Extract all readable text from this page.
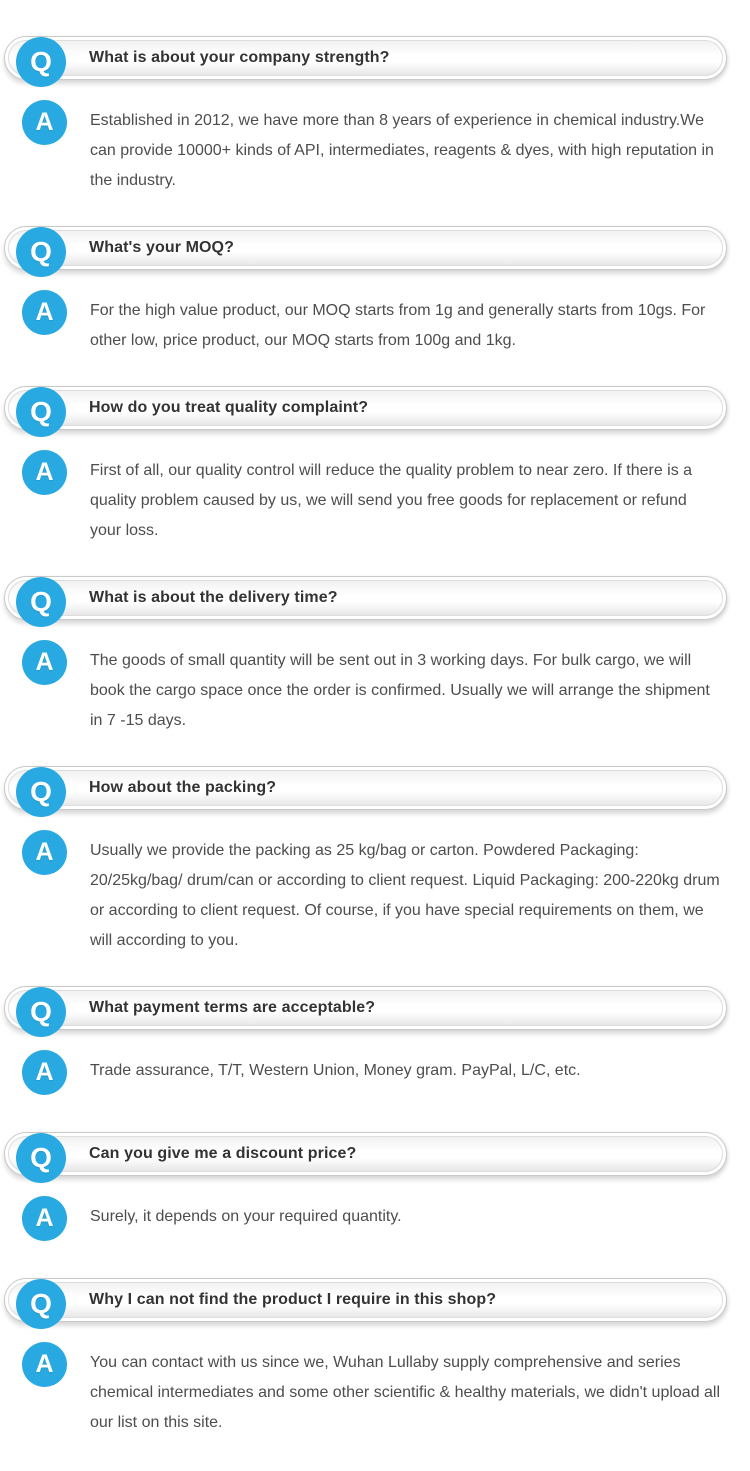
Q	What is about your company strength?
A	Established in 2012, we have more than 8 years of experience in chemical industry.We can provide 10000+ kinds of API, intermediates, reagents & dyes, with high reputation in the industry.

Q	What's your MOQ?
A	For the high value product, our MOQ starts from 1g and generally starts from 10gs. For other low, price product, our MOQ starts from 100g and 1kg.

Q	How do you treat quality complaint?
A	First of all, our quality control will reduce the quality problem to near zero. If there is a quality problem caused by us, we will send you free goods for replacement or refund your loss.

Q	What is about the delivery time?
A	The goods of small quantity will be sent out in 3 working days. For bulk cargo, we will book the cargo space once the order is confirmed. Usually we will arrange the shipment in 7 -15 days.

Q	How about the packing?
A	Usually we provide the packing as 25 kg/bag or carton. Powdered Packaging: 20/25kg/bag/ drum/can or according to client request. Liquid Packaging: 200-220kg drum or according to client request. Of course, if you have special requirements on them, we will according to you.

Q	What payment terms are acceptable?
A	Trade assurance, T/T, Western Union, Money gram. PayPal, L/C, etc.

Q	Can you give me a discount price?
A	Surely, it depends on your required quantity.

Q	Why I can not find the product I require in this shop?
A	You can contact with us since we, Wuhan Lullaby supply comprehensive and series chemical intermediates and some other scientific & healthy materials, we didn't upload all our list on this site.
